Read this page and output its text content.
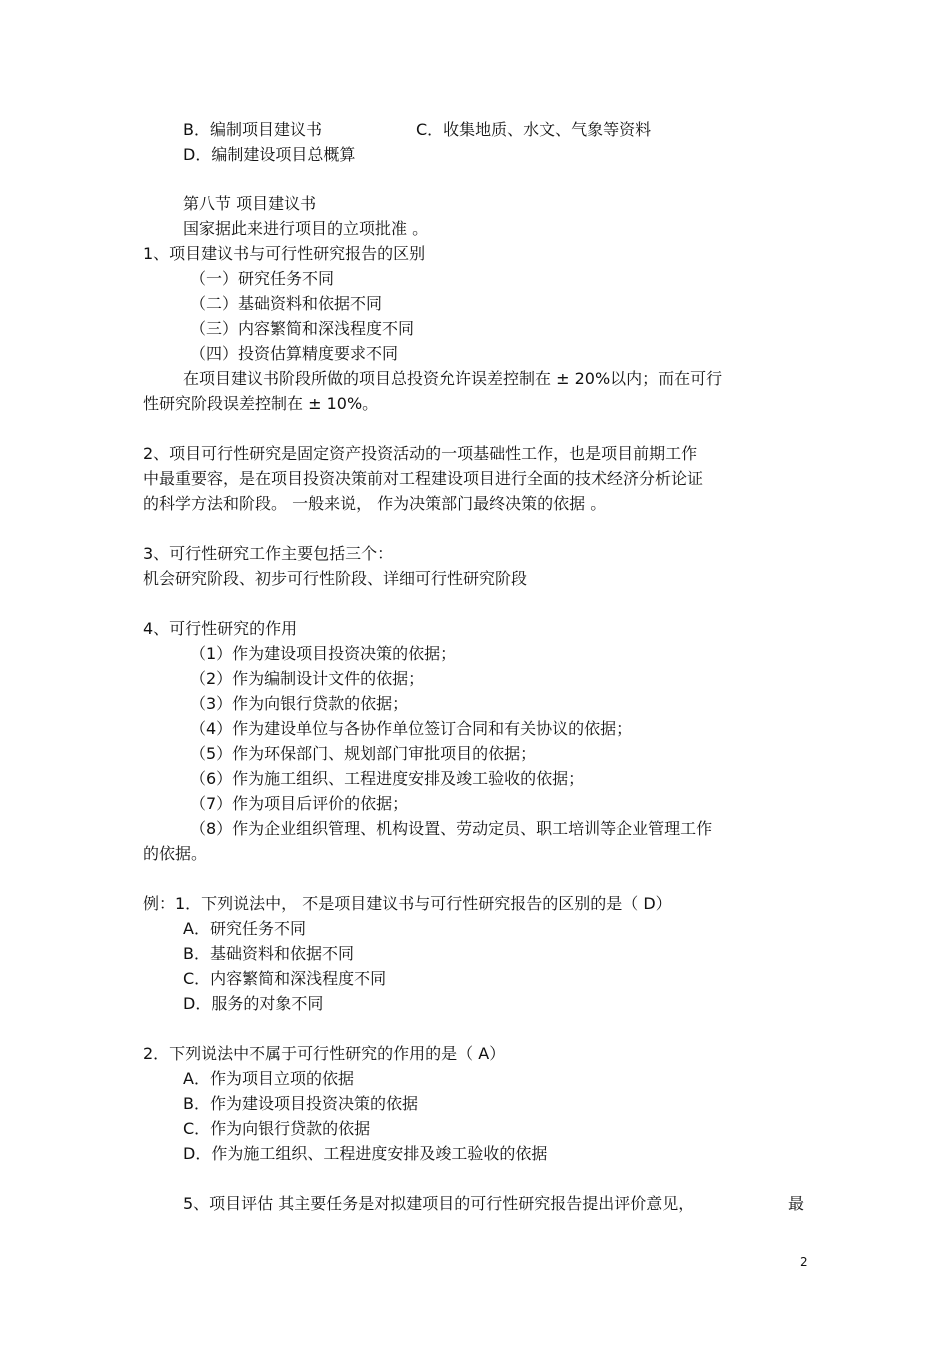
B．编制项目建议书	C．收集地质、水文、气象等资料
D．编制建设项目总概算
第八节 项目建议书
国家据此来进行项目的立项批准 。
1、项目建议书与可行性研究报告的区别
（一）研究任务不同
（二）基础资料和依据不同
（三）内容繁简和深浅程度不同
（四）投资估算精度要求不同
在项目建议书阶段所做的项目总投资允许误差控制在 ± 20%以内；而在可行
性研究阶段误差控制在 ± 10%。
2、项目可行性研究是固定资产投资活动的一项基础性工作，也是项目前期工作
中最重要容，是在项目投资决策前对工程建设项目进行全面的技术经济分析论证
的科学方法和阶段。 一般来说， 作为决策部门最终决策的依据 。
3、可行性研究工作主要包括三个：
机会研究阶段、初步可行性阶段、详细可行性研究阶段
4、可行性研究的作用
（1）作为建设项目投资决策的依据；
（2）作为编制设计文件的依据；
（3）作为向银行贷款的依据；
（4）作为建设单位与各协作单位签订合同和有关协议的依据；
（5）作为环保部门、规划部门审批项目的依据；
（6）作为施工组织、工程进度安排及竣工验收的依据；
（7）作为项目后评价的依据；
（8）作为企业组织管理、机构设置、劳动定员、职工培训等企业管理工作
的依据。
例：1．下列说法中， 不是项目建议书与可行性研究报告的区别的是（ D）
A．研究任务不同
B．基础资料和依据不同
C．内容繁简和深浅程度不同
D．服务的对象不同
2．下列说法中不属于可行性研究的作用的是（ A）
A．作为项目立项的依据
B．作为建设项目投资决策的依据
C．作为向银行贷款的依据
D．作为施工组织、工程进度安排及竣工验收的依据
5、项目评估 其主要任务是对拟建项目的可行性研究报告提出评价意见，	最
2
